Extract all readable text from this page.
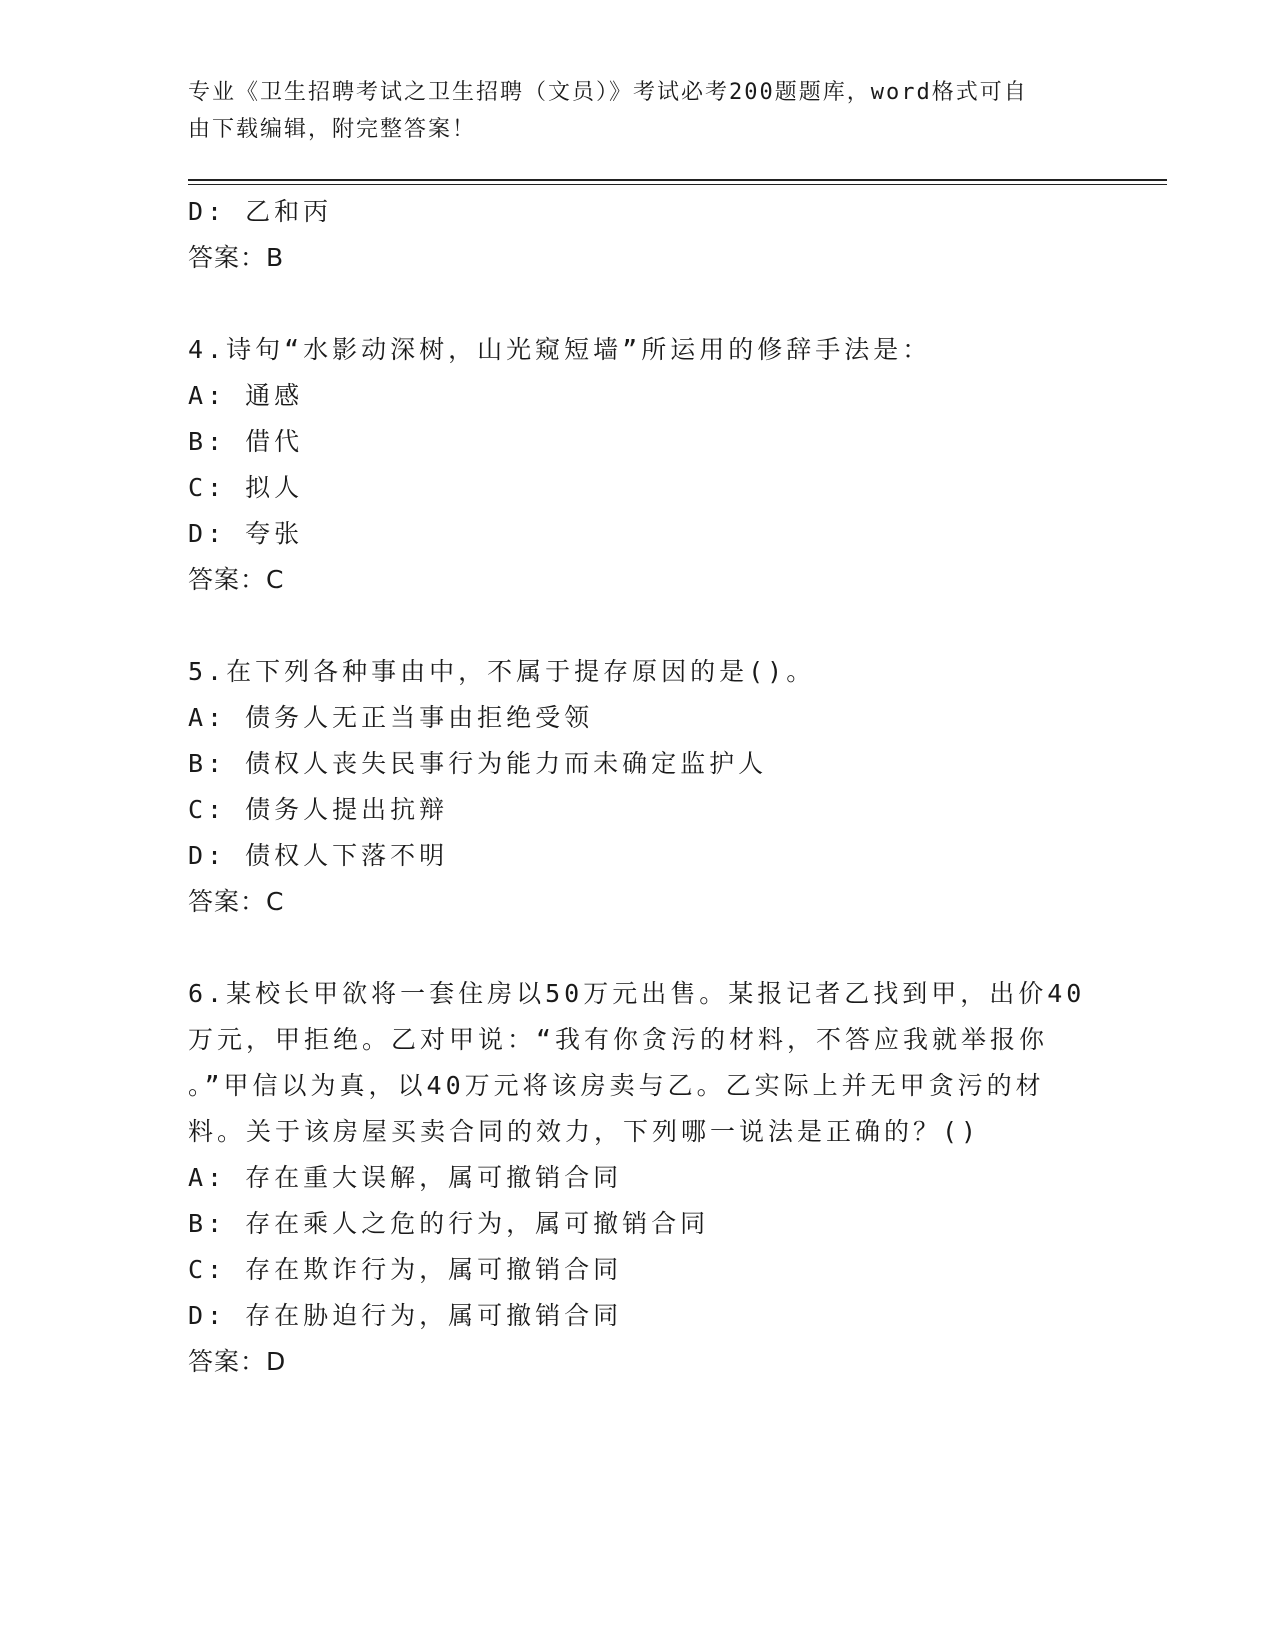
专业《卫生招聘考试之卫生招聘（文员）》考试必考200题题库，word格式可自
由下载编辑，附完整答案！
D: 乙和丙
答案：B
4.诗句“水影动深树，山光窥短墙”所运用的修辞手法是：
A: 通感
B: 借代
C: 拟人
D: 夸张
答案：C
5.在下列各种事由中，不属于提存原因的是()。
A: 债务人无正当事由拒绝受领
B: 债权人丧失民事行为能力而未确定监护人
C: 债务人提出抗辩
D: 债权人下落不明
答案：C
6.某校长甲欲将一套住房以50万元出售。某报记者乙找到甲，出价40
万元，甲拒绝。乙对甲说：“我有你贪污的材料，不答应我就举报你
。”甲信以为真，以40万元将该房卖与乙。乙实际上并无甲贪污的材
料。关于该房屋买卖合同的效力，下列哪一说法是正确的？()
A: 存在重大误解，属可撤销合同
B: 存在乘人之危的行为，属可撤销合同
C: 存在欺诈行为，属可撤销合同
D: 存在胁迫行为，属可撤销合同
答案：D
